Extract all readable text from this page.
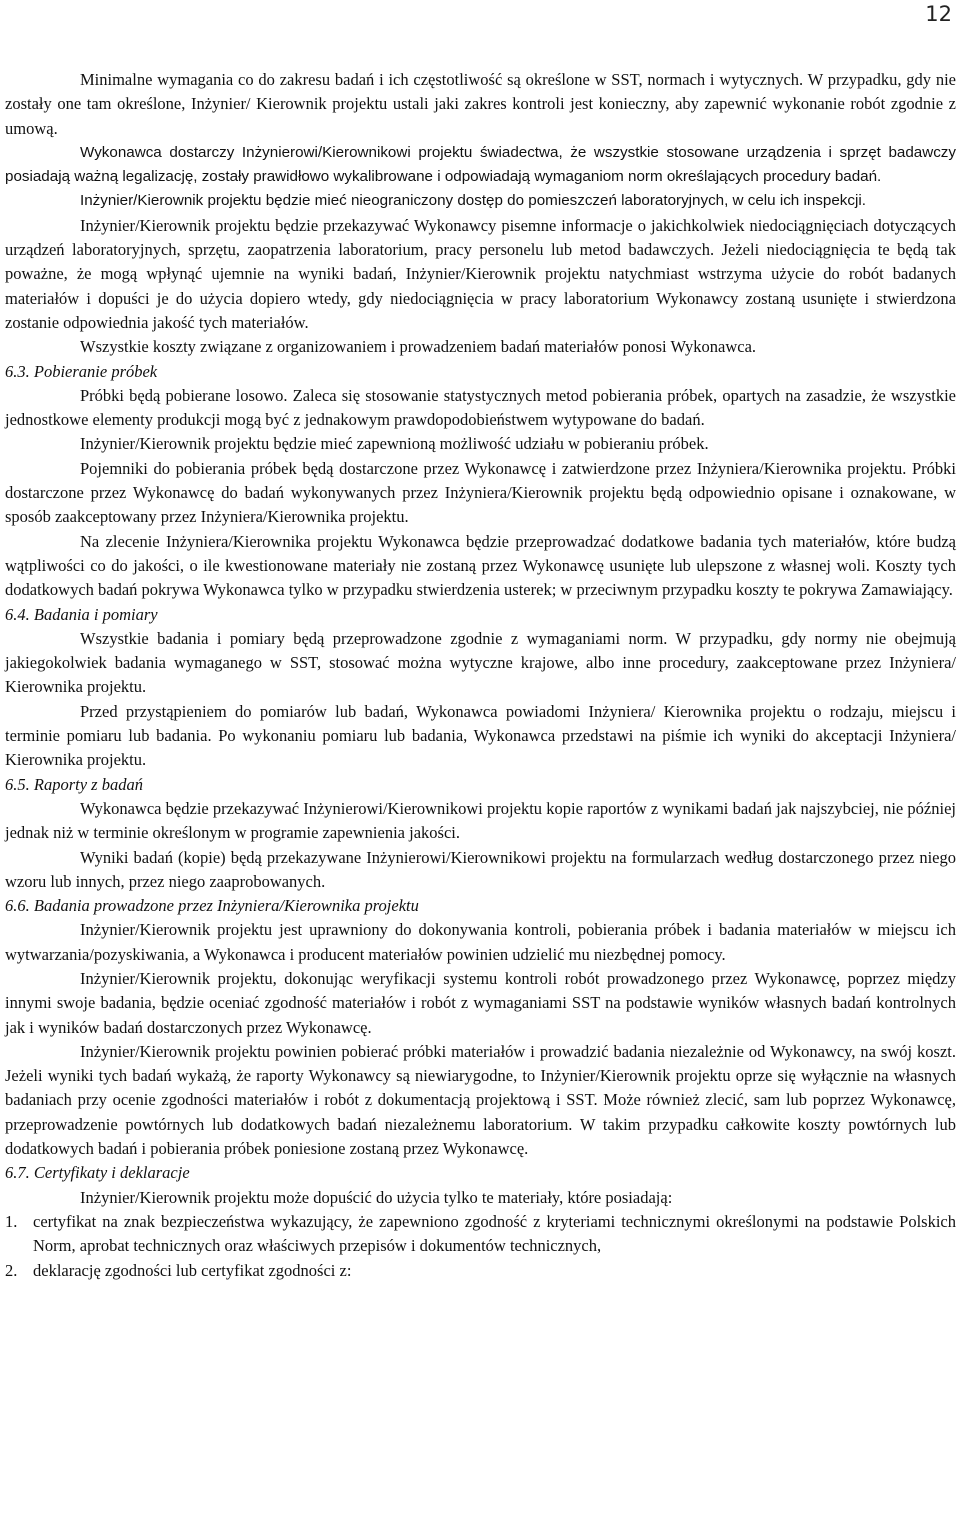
12

Minimalne wymagania co do zakresu badań i ich częstotliwość są określone w SST, normach i wytycznych. W przypadku, gdy nie zostały one tam określone, Inżynier/ Kierownik projektu ustali jaki zakres kontroli jest konieczny, aby zapewnić wykonanie robót zgodnie z umową.

Wykonawca dostarczy Inżynierowi/Kierownikowi projektu świadectwa, że wszystkie stosowane urządzenia i sprzęt badawczy posiadają ważną legalizację, zostały prawidłowo wykalibrowane i odpowiadają wymaganiom norm określających procedury badań.

Inżynier/Kierownik projektu będzie mieć nieograniczony dostęp do pomieszczeń laboratoryjnych, w celu ich inspekcji.

Inżynier/Kierownik projektu będzie przekazywać Wykonawcy pisemne informacje o jakichkolwiek niedociągnięciach dotyczących urządzeń laboratoryjnych, sprzętu, zaopatrzenia laboratorium, pracy personelu lub metod badawczych. Jeżeli niedociągnięcia te będą tak poważne, że mogą wpłynąć ujemnie na wyniki badań, Inżynier/Kierownik projektu natychmiast wstrzyma użycie do robót badanych materiałów i dopuści je do użycia dopiero wtedy, gdy niedociągnięcia w pracy laboratorium Wykonawcy zostaną usunięte i stwierdzona zostanie odpowiednia jakość tych materiałów.

Wszystkie koszty związane z organizowaniem i prowadzeniem badań materiałów ponosi Wykonawca.

6.3. Pobieranie próbek

Próbki będą pobierane losowo. Zaleca się stosowanie statystycznych metod pobierania próbek, opartych na zasadzie, że wszystkie jednostkowe elementy produkcji mogą być z jednakowym prawdopodobieństwem wytypowane do badań.

Inżynier/Kierownik projektu będzie mieć zapewnioną możliwość udziału w pobieraniu próbek.

Pojemniki do pobierania próbek będą dostarczone przez Wykonawcę i zatwierdzone przez Inżyniera/Kierownika projektu. Próbki dostarczone przez Wykonawcę do badań wykonywanych przez Inżyniera/Kierownik projektu będą odpowiednio opisane i oznakowane, w sposób zaakceptowany przez Inżyniera/Kierownika projektu.

Na zlecenie Inżyniera/Kierownika projektu Wykonawca będzie przeprowadzać dodatkowe badania tych materiałów, które budzą wątpliwości co do jakości, o ile kwestionowane materiały nie zostaną przez Wykonawcę usunięte lub ulepszone z własnej woli. Koszty tych dodatkowych badań pokrywa Wykonawca tylko w przypadku stwierdzenia usterek; w przeciwnym przypadku koszty te pokrywa Zamawiający.

6.4. Badania i pomiary

Wszystkie badania i pomiary będą przeprowadzone zgodnie z wymaganiami norm. W przypadku, gdy normy nie obejmują jakiegokolwiek badania wymaganego w SST, stosować można wytyczne krajowe, albo inne procedury, zaakceptowane przez Inżyniera/ Kierownika projektu.

Przed przystąpieniem do pomiarów lub badań, Wykonawca powiadomi Inżyniera/ Kierownika projektu o rodzaju, miejscu i terminie pomiaru lub badania. Po wykonaniu pomiaru lub badania, Wykonawca przedstawi na piśmie ich wyniki do akceptacji Inżyniera/ Kierownika projektu.

6.5. Raporty z badań

Wykonawca będzie przekazywać Inżynierowi/Kierownikowi projektu kopie raportów z wynikami badań jak najszybciej, nie później jednak niż w terminie określonym w programie zapewnienia jakości.

Wyniki badań (kopie) będą przekazywane Inżynierowi/Kierownikowi projektu na formularzach według dostarczonego przez niego wzoru lub innych, przez niego zaaprobowanych.

6.6. Badania prowadzone przez Inżyniera/Kierownika projektu

Inżynier/Kierownik projektu jest uprawniony do dokonywania kontroli, pobierania próbek i badania materiałów w miejscu ich wytwarzania/pozyskiwania, a Wykonawca i producent materiałów powinien udzielić mu niezbędnej pomocy.

Inżynier/Kierownik projektu, dokonując weryfikacji systemu kontroli robót prowadzonego przez Wykonawcę, poprzez między innymi swoje badania, będzie oceniać zgodność materiałów i robót z wymaganiami SST na podstawie wyników własnych badań kontrolnych jak i wyników badań dostarczonych przez Wykonawcę.

Inżynier/Kierownik projektu powinien pobierać próbki materiałów i prowadzić badania niezależnie od Wykonawcy, na swój koszt. Jeżeli wyniki tych badań wykażą, że raporty Wykonawcy są niewiarygodne, to Inżynier/Kierownik projektu oprze się wyłącznie na własnych badaniach przy ocenie zgodności materiałów i robót z dokumentacją projektową i SST. Może również zlecić, sam lub poprzez Wykonawcę, przeprowadzenie powtórnych lub dodatkowych badań niezależnemu laboratorium. W takim przypadku całkowite koszty powtórnych lub dodatkowych badań i pobierania próbek poniesione zostaną przez Wykonawcę.

6.7. Certyfikaty i deklaracje

Inżynier/Kierownik projektu może dopuścić do użycia tylko te materiały, które posiadają:

1. certyfikat na znak bezpieczeństwa wykazujący, że zapewniono zgodność z kryteriami technicznymi określonymi na podstawie Polskich Norm, aprobat technicznych oraz właściwych przepisów i dokumentów technicznych,
2. deklarację zgodności lub certyfikat zgodności z:
